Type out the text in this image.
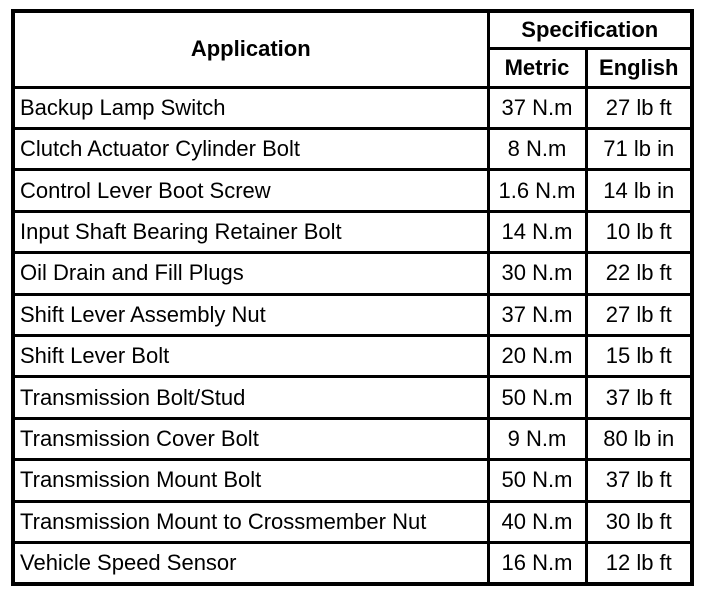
Application	Specification	
	Metric	English
Backup Lamp Switch	37 N.m	27 lb ft
Clutch Actuator Cylinder Bolt	8 N.m	71 lb in
Control Lever Boot Screw	1.6 N.m	14 lb in
Input Shaft Bearing Retainer Bolt	14 N.m	10 lb ft
Oil Drain and Fill Plugs	30 N.m	22 lb ft
Shift Lever Assembly Nut	37 N.m	27 lb ft
Shift Lever Bolt	20 N.m	15 lb ft
Transmission Bolt/Stud	50 N.m	37 lb ft
Transmission Cover Bolt	9 N.m	80 lb in
Transmission Mount Bolt	50 N.m	37 lb ft
Transmission Mount to Crossmember Nut	40 N.m	30 lb ft
Vehicle Speed Sensor	16 N.m	12 lb ft
